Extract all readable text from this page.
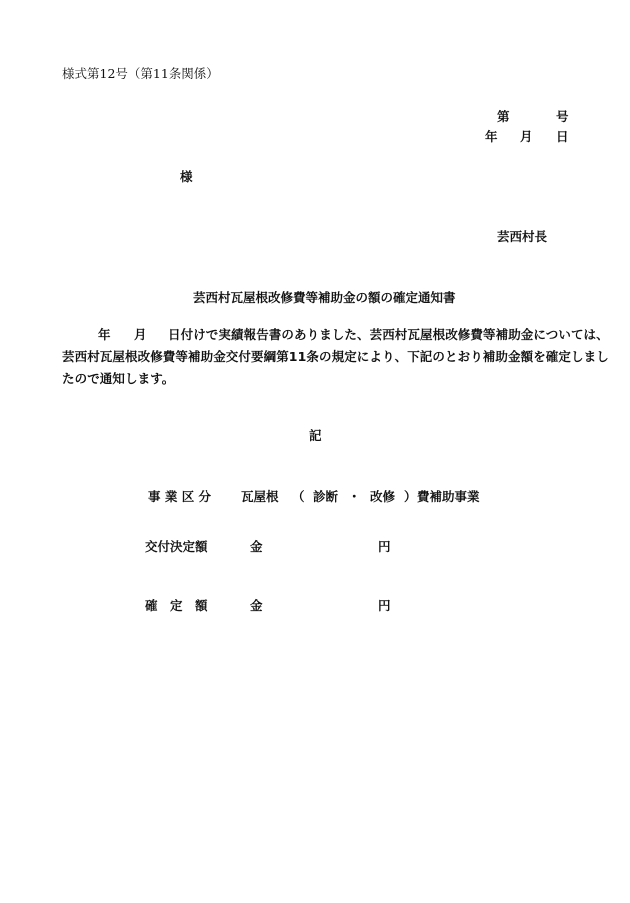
様式第12号（第11条関係）
第	号
年 月 日
様
芸西村長
芸西村瓦屋根改修費等補助金の額の確定通知書
年 月 日付けで実績報告書のありました、芸西村瓦屋根改修費等補助金については、
芸西村瓦屋根改修費等補助金交付要綱第11条の規定により、下記のとおり補助金額を確定しまし
たので通知します。
記
事 業 区 分 瓦屋根 （ 診断 ・ 改修 ） 費補助事業
交付決定額	金	円
確　定　額	金	円
